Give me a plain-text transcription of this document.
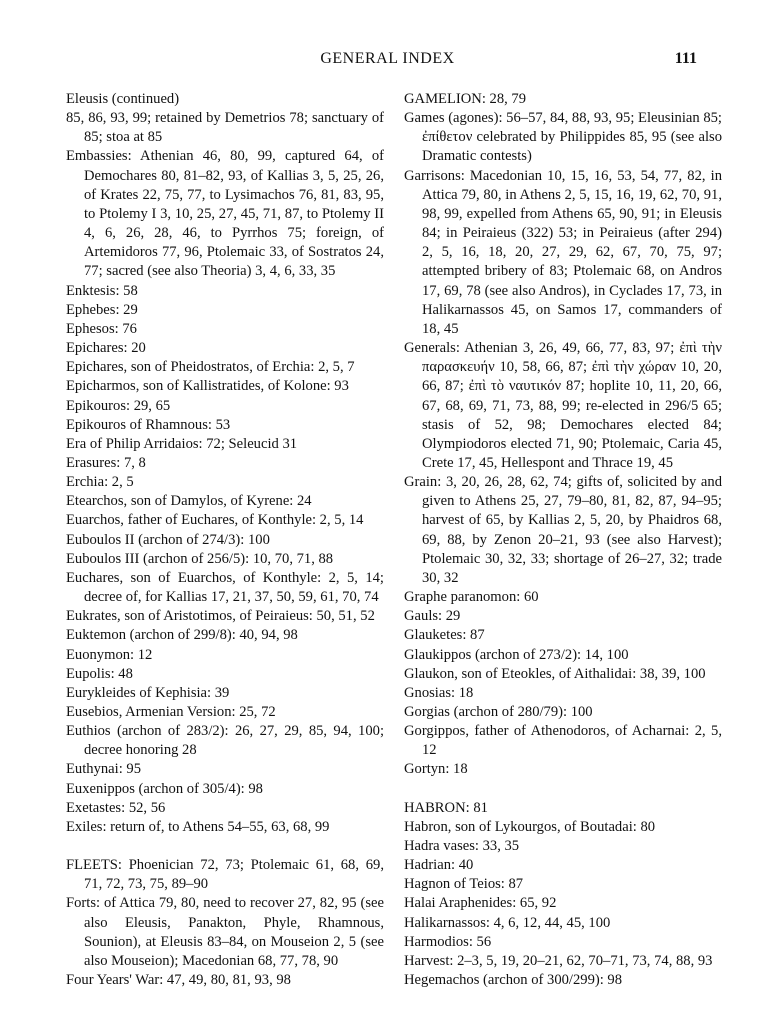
GENERAL INDEX	111

Eleusis (continued)

85, 86, 93, 99; retained by Demetrios 78; sanctuary of 85; stoa at 85

Embassies: Athenian 46, 80, 99, captured 64, of Demochares 80, 81–82, 93, of Kallias 3, 5, 25, 26, of Krates 22, 75, 77, to Lysimachos 76, 81, 83, 95, to Ptolemy I 3, 10, 25, 27, 45, 71, 87, to Ptolemy II 4, 6, 26, 28, 46, to Pyrrhos 75; foreign, of Artemidoros 77, 96, Ptolemaic 33, of Sostratos 24, 77; sacred (see also Theoria) 3, 4, 6, 33, 35

Enktesis: 58

Ephebes: 29

Ephesos: 76

Epichares: 20

Epichares, son of Pheidostratos, of Erchia: 2, 5, 7

Epicharmos, son of Kallistratides, of Kolone: 93

Epikouros: 29, 65

Epikouros of Rhamnous: 53

Era of Philip Arridaios: 72; Seleucid 31

Erasures: 7, 8

Erchia: 2, 5

Etearchos, son of Damylos, of Kyrene: 24

Euarchos, father of Euchares, of Konthyle: 2, 5, 14

Euboulos II (archon of 274/3): 100

Euboulos III (archon of 256/5): 10, 70, 71, 88

Euchares, son of Euarchos, of Konthyle: 2, 5, 14; decree of, for Kallias 17, 21, 37, 50, 59, 61, 70, 74

Eukrates, son of Aristotimos, of Peiraieus: 50, 51, 52

Euktemon (archon of 299/8): 40, 94, 98

Euonymon: 12

Eupolis: 48

Eurykleides of Kephisia: 39

Eusebios, Armenian Version: 25, 72

Euthios (archon of 283/2): 26, 27, 29, 85, 94, 100; decree honoring 28

Euthynai: 95

Euxenippos (archon of 305/4): 98

Exetastes: 52, 56

Exiles: return of, to Athens 54–55, 63, 68, 99

FLEETS: Phoenician 72, 73; Ptolemaic 61, 68, 69, 71, 72, 73, 75, 89–90

Forts: of Attica 79, 80, need to recover 27, 82, 95 (see also Eleusis, Panakton, Phyle, Rhamnous, Sounion), at Eleusis 83–84, on Mouseion 2, 5 (see also Mouseion); Macedonian 68, 77, 78, 90

Four Years' War: 47, 49, 80, 81, 93, 98

GAMELION: 28, 79

Games (agones): 56–57, 84, 88, 93, 95; Eleusinian 85; ἐπίθετον celebrated by Philippides 85, 95 (see also Dramatic contests)

Garrisons: Macedonian 10, 15, 16, 53, 54, 77, 82, in Attica 79, 80, in Athens 2, 5, 15, 16, 19, 62, 70, 91, 98, 99, expelled from Athens 65, 90, 91; in Eleusis 84; in Peiraieus (322) 53; in Peiraieus (after 294) 2, 5, 16, 18, 20, 27, 29, 62, 67, 70, 75, 97; attempted bribery of 83; Ptolemaic 68, on Andros 17, 69, 78 (see also Andros), in Cyclades 17, 73, in Halikarnassos 45, on Samos 17, commanders of 18, 45

Generals: Athenian 3, 26, 49, 66, 77, 83, 97; ἐπὶ τὴν παρασκευήν 10, 58, 66, 87; ἐπὶ τὴν χώραν 10, 20, 66, 87; ἐπὶ τὸ ναυτικόν 87; hoplite 10, 11, 20, 66, 67, 68, 69, 71, 73, 88, 99; re-elected in 296/5 65; stasis of 52, 98; Demochares elected 84; Olympiodoros elected 71, 90; Ptolemaic, Caria 45, Crete 17, 45, Hellespont and Thrace 19, 45

Grain: 3, 20, 26, 28, 62, 74; gifts of, solicited by and given to Athens 25, 27, 79–80, 81, 82, 87, 94–95; harvest of 65, by Kallias 2, 5, 20, by Phaidros 68, 69, 88, by Zenon 20–21, 93 (see also Harvest); Ptolemaic 30, 32, 33; shortage of 26–27, 32; trade 30, 32

Graphe paranomon: 60

Gauls: 29

Glauketes: 87

Glaukippos (archon of 273/2): 14, 100

Glaukon, son of Eteokles, of Aithalidai: 38, 39, 100

Gnosias: 18

Gorgias (archon of 280/79): 100

Gorgippos, father of Athenodoros, of Acharnai: 2, 5, 12

Gortyn: 18

HABRON: 81

Habron, son of Lykourgos, of Boutadai: 80

Hadra vases: 33, 35

Hadrian: 40

Hagnon of Teios: 87

Halai Araphenides: 65, 92

Halikarnassos: 4, 6, 12, 44, 45, 100

Harmodios: 56

Harvest: 2–3, 5, 19, 20–21, 62, 70–71, 73, 74, 88, 93

Hegemachos (archon of 300/299): 98
